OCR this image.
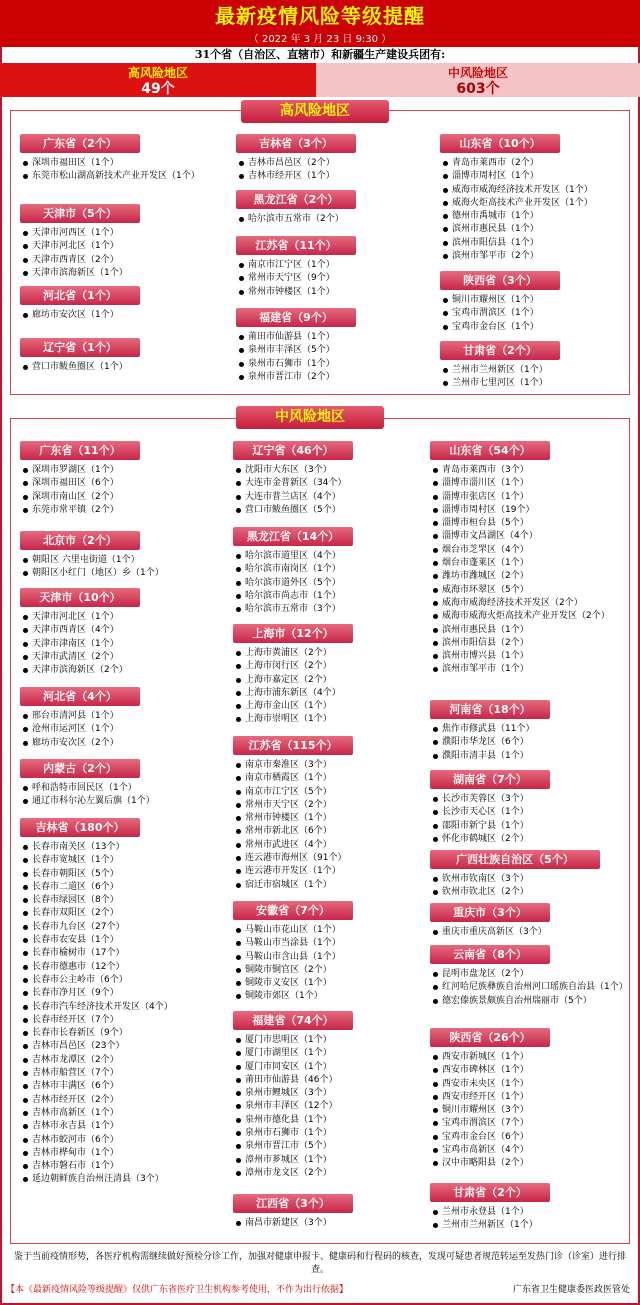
最新疫情风险等级提醒
（ 2022 年 3 月 23 日 9:30 ）
31个省（自治区、直辖市）和新疆生产建设兵团有:
高风险地区
49个
中风险地区
603个
高风险地区
广东省（2个）
深圳市福田区（1个）
东莞市松山湖高新技术产业开发区（1个）
天津市（5个）
天津市河西区（1个）
天津市河北区（1个）
天津市西青区（2个）
天津市滨海新区（1个）
河北省（1个）
廊坊市安次区（1个）
辽宁省（1个）
营口市鲅鱼圈区（1个）
吉林省（3个）
吉林市昌邑区（2个）
吉林市经开区（1个）
黑龙江省（2个）
哈尔滨市五常市（2个）
江苏省（11个）
南京市江宁区（1个）
常州市天宁区（9个）
常州市钟楼区（1个）
福建省（9个）
莆田市仙游县（1个）
泉州市丰泽区（5个）
泉州市石狮市（1个）
泉州市晋江市（2个）
山东省（10个）
青岛市莱西市（2个）
淄博市周村区（1个）
威海市威海经济技术开发区（1个）
威海火炬高技术产业开发区（1个）
德州市禹城市（1个）
滨州市惠民县（1个）
滨州市阳信县（1个）
滨州市邹平市（2个）
陕西省（3个）
铜川市耀州区（1个）
宝鸡市渭滨区（1个）
宝鸡市金台区（1个）
甘肃省（2个）
兰州市兰州新区（1个）
兰州市七里河区（1个）
中风险地区
广东省（11个）
深圳市罗湖区（1个）
深圳市福田区（6个）
深圳市南山区（2个）
东莞市常平镇（2个）
北京市（2个）
朝阳区 六里屯街道（1个）
朝阳区小红门（地区）乡（1个）
天津市（10个）
天津市河北区（1个）
天津市西青区（4个）
天津市津南区（1个）
天津市武清区（2个）
天津市滨海新区（2个）
河北省（4个）
邢台市清河县（1个）
沧州市运河区（1个）
廊坊市安次区（2个）
内蒙古（2个）
呼和浩特市回民区（1个）
通辽市科尔沁左翼后旗（1个）
吉林省（180个）
长春市南关区（13个）
长春市宽城区（1个）
长春市朝阳区（5个）
长春市二道区（6个）
长春市绿园区（8个）
长春市双阳区（2个）
长春市九台区（27个）
长春市农安县（1个）
长春市榆树市（17个）
长春市德惠市（12个）
长春市公主岭市（6个）
长春市净月区（9个）
长春市汽车经济技术开发区（4个）
长春市经开区（7个）
长春市长春新区（9个）
吉林市昌邑区（23个）
吉林市龙潭区（2个）
吉林市船营区（7个）
吉林市丰满区（6个）
吉林市经开区（2个）
吉林市高新区（1个）
吉林市永吉县（1个）
吉林市蛟河市（6个）
吉林市桦甸市（1个）
吉林市磐石市（1个）
延边朝鲜族自治州汪清县（3个）
辽宁省（46个）
沈阳市大东区（3个）
大连市金普新区（34个）
大连市普兰店区（4个）
营口市鲅鱼圈区（5个）
黑龙江省（14个）
哈尔滨市道里区（4个）
哈尔滨市南岗区（1个）
哈尔滨市道外区（5个）
哈尔滨市尚志市（1个）
哈尔滨市五常市（3个）
上海市（12个）
上海市黄浦区（2个）
上海市闵行区（2个）
上海市嘉定区（2个）
上海市浦东新区（4个）
上海市金山区（1个）
上海市崇明区（1个）
江苏省（115个）
南京市秦淮区（3个）
南京市栖霞区（1个）
南京市江宁区（5个）
常州市天宁区（2个）
常州市钟楼区（1个）
常州市新北区（6个）
常州市武进区（4个）
连云港市海州区（91个）
连云港市开发区（1个）
宿迁市宿城区（1个）
安徽省（7个）
马鞍山市花山区（1个）
马鞍山市当涂县（1个）
马鞍山市含山县（1个）
铜陵市铜官区（2个）
铜陵市义安区（1个）
铜陵市郊区（1个）
福建省（74个）
厦门市思明区（1个）
厦门市湖里区（1个）
厦门市同安区（1个）
莆田市仙游县（46个）
泉州市鲤城区（3个）
泉州市丰泽区（12个）
泉州市德化县（1个）
泉州市石狮市（1个）
泉州市晋江市（5个）
漳州市芗城区（1个）
漳州市龙文区（2个）
江西省（3个）
南昌市新建区（3个）
山东省（54个）
青岛市莱西市（3个）
淄博市淄川区（1个）
淄博市张店区（1个）
淄博市周村区（19个）
淄博市桓台县（5个）
淄博市文昌湖区（4个）
烟台市芝罘区（4个）
烟台市蓬莱区（1个）
潍坊市潍城区（2个）
威海市环翠区（5个）
威海市威海经济技术开发区（2个）
威海市威海火炬高技术产业开发区（2个）
滨州市惠民县（1个）
滨州市阳信县（2个）
滨州市博兴县（1个）
滨州市邹平市（1个）
河南省（18个）
焦作市修武县（11个）
濮阳市华龙区（6个）
濮阳市清丰县（1个）
湖南省（7个）
长沙市芙蓉区（3个）
长沙市天心区（1个）
邵阳市新宁县（1个）
怀化市鹤城区（2个）
广西壮族自治区（5个）
钦州市钦南区（3个）
钦州市钦北区（2个）
重庆市（3个）
重庆市重庆高新区（3个）
云南省（8个）
昆明市盘龙区（2个）
红河哈尼族彝族自治州河口瑶族自治县（1个）
德宏傣族景颇族自治州瑞丽市（5个）
陕西省（26个）
西安市新城区（1个）
西安市碑林区（1个）
西安市未央区（1个）
西安市经开区（1个）
铜川市耀州区（3个）
宝鸡市渭滨区（7个）
宝鸡市金台区（6个）
宝鸡市高新区（4个）
汉中市略阳县（2个）
甘肃省（2个）
兰州市永登县（1个）
兰州市兰州新区（1个）
鉴于当前疫情形势，各医疗机构需继续做好预检分诊工作，加强对健康申报卡、健康码和行程码的核查，发现可疑患者规范转运至发热门诊（诊室）进行排查。
【本《最新疫情风险等级提醒》仅供广东省医疗卫生机构参考使用，不作为出行依据】	广东省卫生健康委医政医管处
